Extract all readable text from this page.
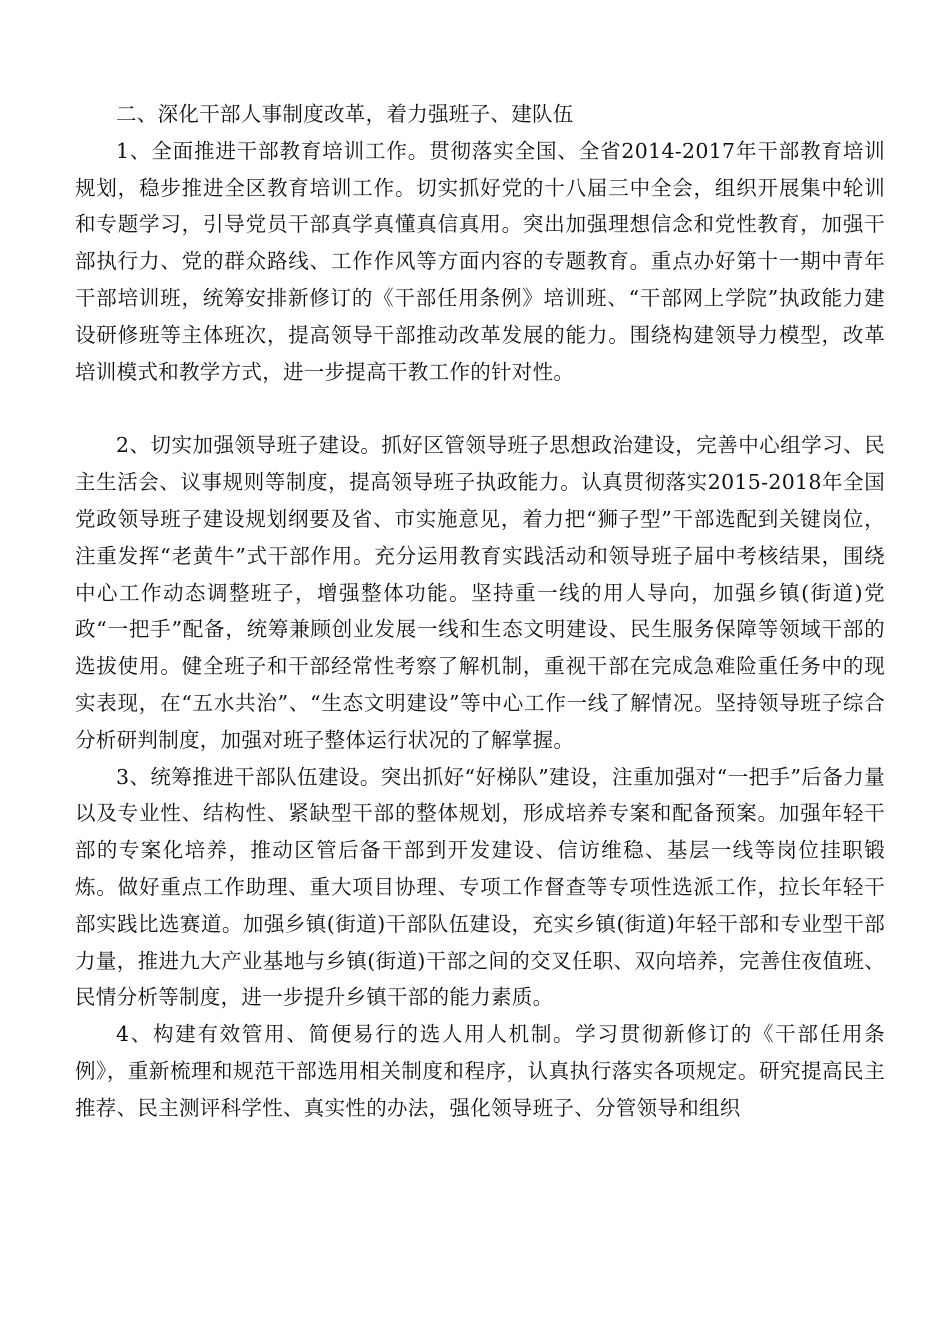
二、深化干部人事制度改革，着力强班子、建队伍

1、全面推进干部教育培训工作。贯彻落实全国、全省2014-2017年干部教育培训规划，稳步推进全区教育培训工作。切实抓好党的十八届三中全会，组织开展集中轮训和专题学习，引导党员干部真学真懂真信真用。突出加强理想信念和党性教育，加强干部执行力、党的群众路线、工作作风等方面内容的专题教育。重点办好第十一期中青年干部培训班，统筹安排新修订的《干部任用条例》培训班、“干部网上学院”执政能力建设研修班等主体班次，提高领导干部推动改革发展的能力。围绕构建领导力模型，改革培训模式和教学方式，进一步提高干教工作的针对性。

2、切实加强领导班子建设。抓好区管领导班子思想政治建设，完善中心组学习、民主生活会、议事规则等制度，提高领导班子执政能力。认真贯彻落实2015-2018年全国党政领导班子建设规划纲要及省、市实施意见，着力把“狮子型”干部选配到关键岗位，注重发挥“老黄牛”式干部作用。充分运用教育实践活动和领导班子届中考核结果，围绕中心工作动态调整班子，增强整体功能。坚持重一线的用人导向，加强乡镇(街道)党政“一把手”配备，统筹兼顾创业发展一线和生态文明建设、民生服务保障等领域干部的选拔使用。健全班子和干部经常性考察了解机制，重视干部在完成急难险重任务中的现实表现，在“五水共治”、“生态文明建设”等中心工作一线了解情况。坚持领导班子综合分析研判制度，加强对班子整体运行状况的了解掌握。

3、统筹推进干部队伍建设。突出抓好“好梯队”建设，注重加强对“一把手”后备力量以及专业性、结构性、紧缺型干部的整体规划，形成培养专案和配备预案。加强年轻干部的专案化培养，推动区管后备干部到开发建设、信访维稳、基层一线等岗位挂职锻炼。做好重点工作助理、重大项目协理、专项工作督查等专项性选派工作，拉长年轻干部实践比选赛道。加强乡镇(街道)干部队伍建设，充实乡镇(街道)年轻干部和专业型干部力量，推进九大产业基地与乡镇(街道)干部之间的交叉任职、双向培养，完善住夜值班、民情分析等制度，进一步提升乡镇干部的能力素质。

4、构建有效管用、简便易行的选人用人机制。学习贯彻新修订的《干部任用条例》，重新梳理和规范干部选用相关制度和程序，认真执行落实各项规定。研究提高民主推荐、民主测评科学性、真实性的办法，强化领导班子、分管领导和组织
